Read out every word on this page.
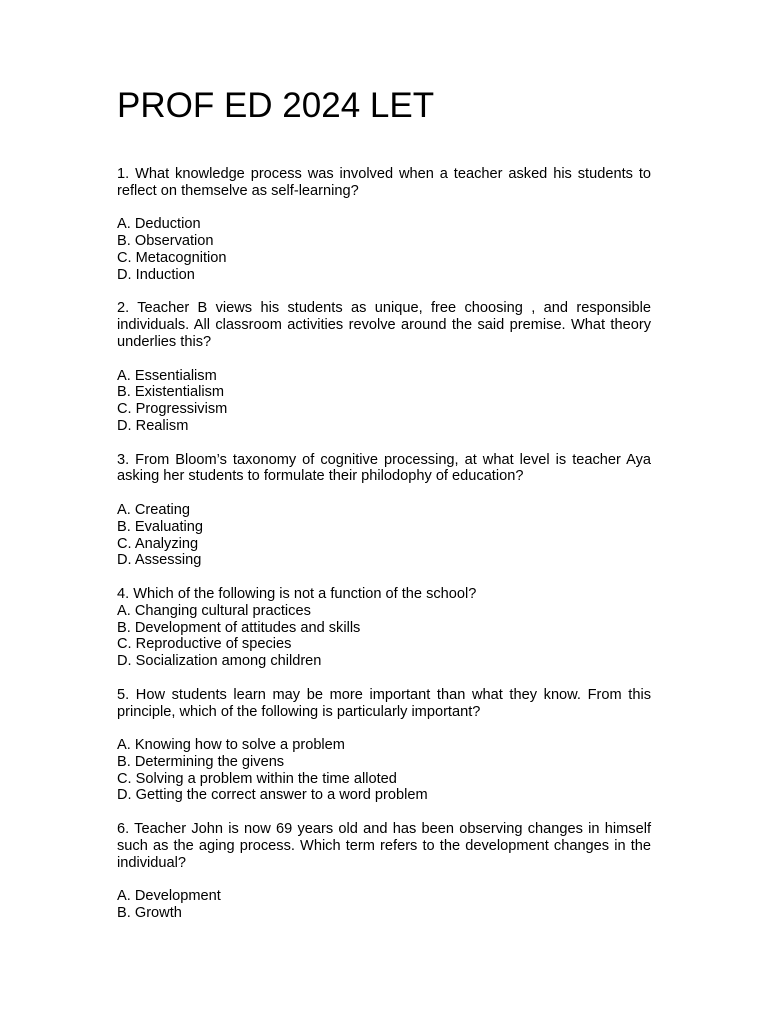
PROF ED 2024 LET

1. What knowledge process was involved when a teacher asked his students to reflect on themselve as self-learning?

A. Deduction
B. Observation
C. Metacognition
D. Induction

2. Teacher B views his students as unique, free choosing , and responsible individuals. All classroom activities revolve around the said premise. What theory underlies this?

A. Essentialism
B. Existentialism
C. Progressivism
D. Realism

3. From Bloom’s taxonomy of cognitive processing, at what level is teacher Aya asking her students to formulate their philodophy of education?

A. Creating
B. Evaluating
C. Analyzing
D. Assessing

4. Which of the following is not a function of the school?

A. Changing cultural practices
B. Development of attitudes and skills
C. Reproductive of species
D. Socialization among children

5. How students learn may be more important than what they know. From this principle, which of the following is particularly important?

A. Knowing how to solve a problem
B. Determining the givens
C. Solving a problem within the time alloted
D. Getting the correct answer to a word problem

6. Teacher John is now 69 years old and has been observing changes in himself such as the aging process. Which term refers to the development changes in the individual?

A. Development
B. Growth
